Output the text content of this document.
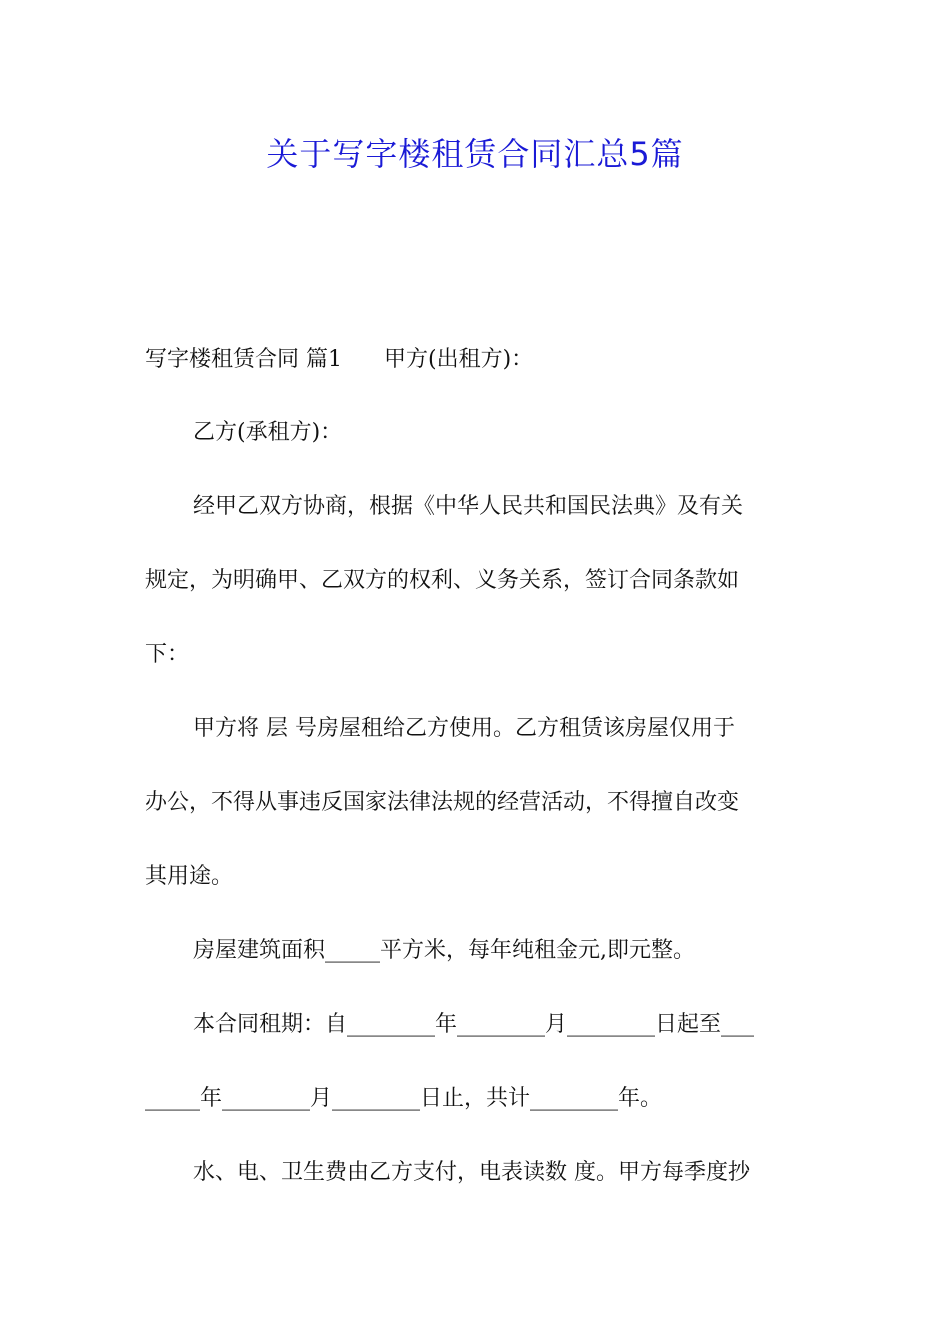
关于写字楼租赁合同汇总5篇

写字楼租赁合同 篇1 甲方(出租方)：

乙方(承租方)：

经甲乙双方协商，根据《中华人民共和国民法典》及有关

规定，为明确甲、乙双方的权利、义务关系，签订合同条款如

下：

甲方将 层 号房屋租给乙方使用。乙方租赁该房屋仅用于

办公，不得从事违反国家法律法规的经营活动，不得擅自改变

其用途。

房屋建筑面积_____平方米，每年纯租金元,即元整。

本合同租期：自________年________月________日起至___

_____年________月________日止，共计________年。

水、电、卫生费由乙方支付，电表读数 度。甲方每季度抄
